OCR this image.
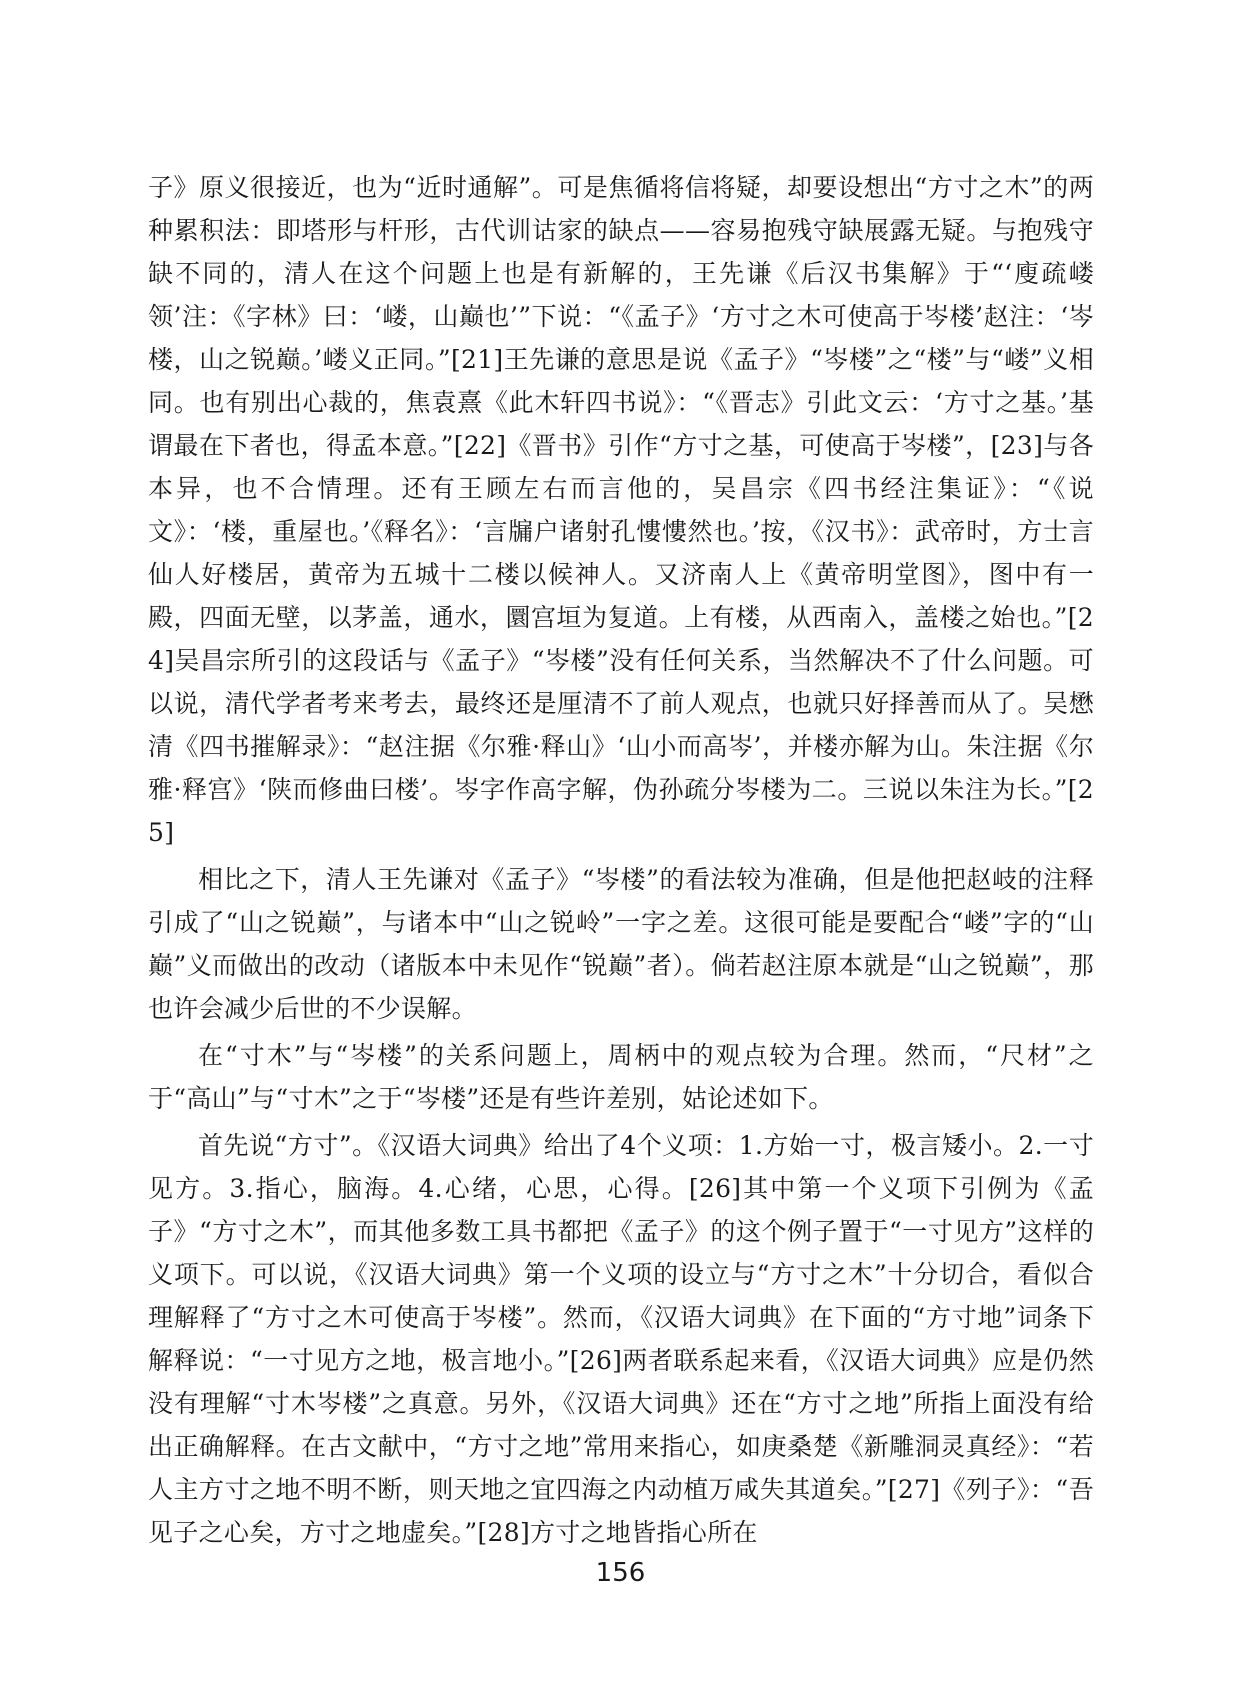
子》原义很接近，也为“近时通解”。可是焦循将信将疑，却要设想出“方寸之木”的两种累积法：即塔形与杆形，古代训诂家的缺点——容易抱残守缺展露无疑。与抱残守缺不同的，清人在这个问题上也是有新解的，王先谦《后汉书集解》于“‘廋疏嵝领’注：《字林》曰：‘嵝，山巅也’”下说：“《孟子》‘方寸之木可使高于岑楼’赵注：‘岑楼，山之锐巅。’嵝义正同。”[21]王先谦的意思是说《孟子》“岑楼”之“楼”与“嵝”义相同。也有别出心裁的，焦袁熹《此木轩四书说》：“《晋志》引此文云：‘方寸之基。’基谓最在下者也，得孟本意。”[22]《晋书》引作“方寸之基，可使高于岑楼”，[23]与各本异，也不合情理。还有王顾左右而言他的，吴昌宗《四书经注集证》：“《说文》：‘楼，重屋也。’《释名》：‘言牖户诸射孔慺慺然也。’按，《汉书》：武帝时，方士言仙人好楼居，黄帝为五城十二楼以候神人。又济南人上《黄帝明堂图》，图中有一殿，四面无壁，以茅盖，通水，圜宫垣为复道。上有楼，从西南入，盖楼之始也。”[24]吴昌宗所引的这段话与《孟子》“岑楼”没有任何关系，当然解决不了什么问题。可以说，清代学者考来考去，最终还是厘清不了前人观点，也就只好择善而从了。吴懋清《四书摧解录》：“赵注据《尔雅·释山》‘山小而高岑’，并楼亦解为山。朱注据《尔雅·释宫》‘陕而修曲曰楼’。岑字作高字解，伪孙疏分岑楼为二。三说以朱注为长。”[25]

相比之下，清人王先谦对《孟子》“岑楼”的看法较为准确，但是他把赵岐的注释引成了“山之锐巅”，与诸本中“山之锐岭”一字之差。这很可能是要配合“嵝”字的“山巅”义而做出的改动（诸版本中未见作“锐巅”者）。倘若赵注原本就是“山之锐巅”，那也许会减少后世的不少误解。

在“寸木”与“岑楼”的关系问题上，周柄中的观点较为合理。然而，“尺材”之于“高山”与“寸木”之于“岑楼”还是有些许差别，姑论述如下。

首先说“方寸”。《汉语大词典》给出了4个义项：1.方始一寸，极言矮小。2.一寸见方。3.指心，脑海。4.心绪，心思，心得。[26]其中第一个义项下引例为《孟子》“方寸之木”，而其他多数工具书都把《孟子》的这个例子置于“一寸见方”这样的义项下。可以说，《汉语大词典》第一个义项的设立与“方寸之木”十分切合，看似合理解释了“方寸之木可使高于岑楼”。然而，《汉语大词典》在下面的“方寸地”词条下解释说：“一寸见方之地，极言地小。”[26]两者联系起来看，《汉语大词典》应是仍然没有理解“寸木岑楼”之真意。另外，《汉语大词典》还在“方寸之地”所指上面没有给出正确解释。在古文献中，“方寸之地”常用来指心，如庚桑楚《新雕洞灵真经》：“若人主方寸之地不明不断，则天地之宜四海之内动植万咸失其道矣。”[27]《列子》：“吾见子之心矣，方寸之地虚矣。”[28]方寸之地皆指心所在

156
